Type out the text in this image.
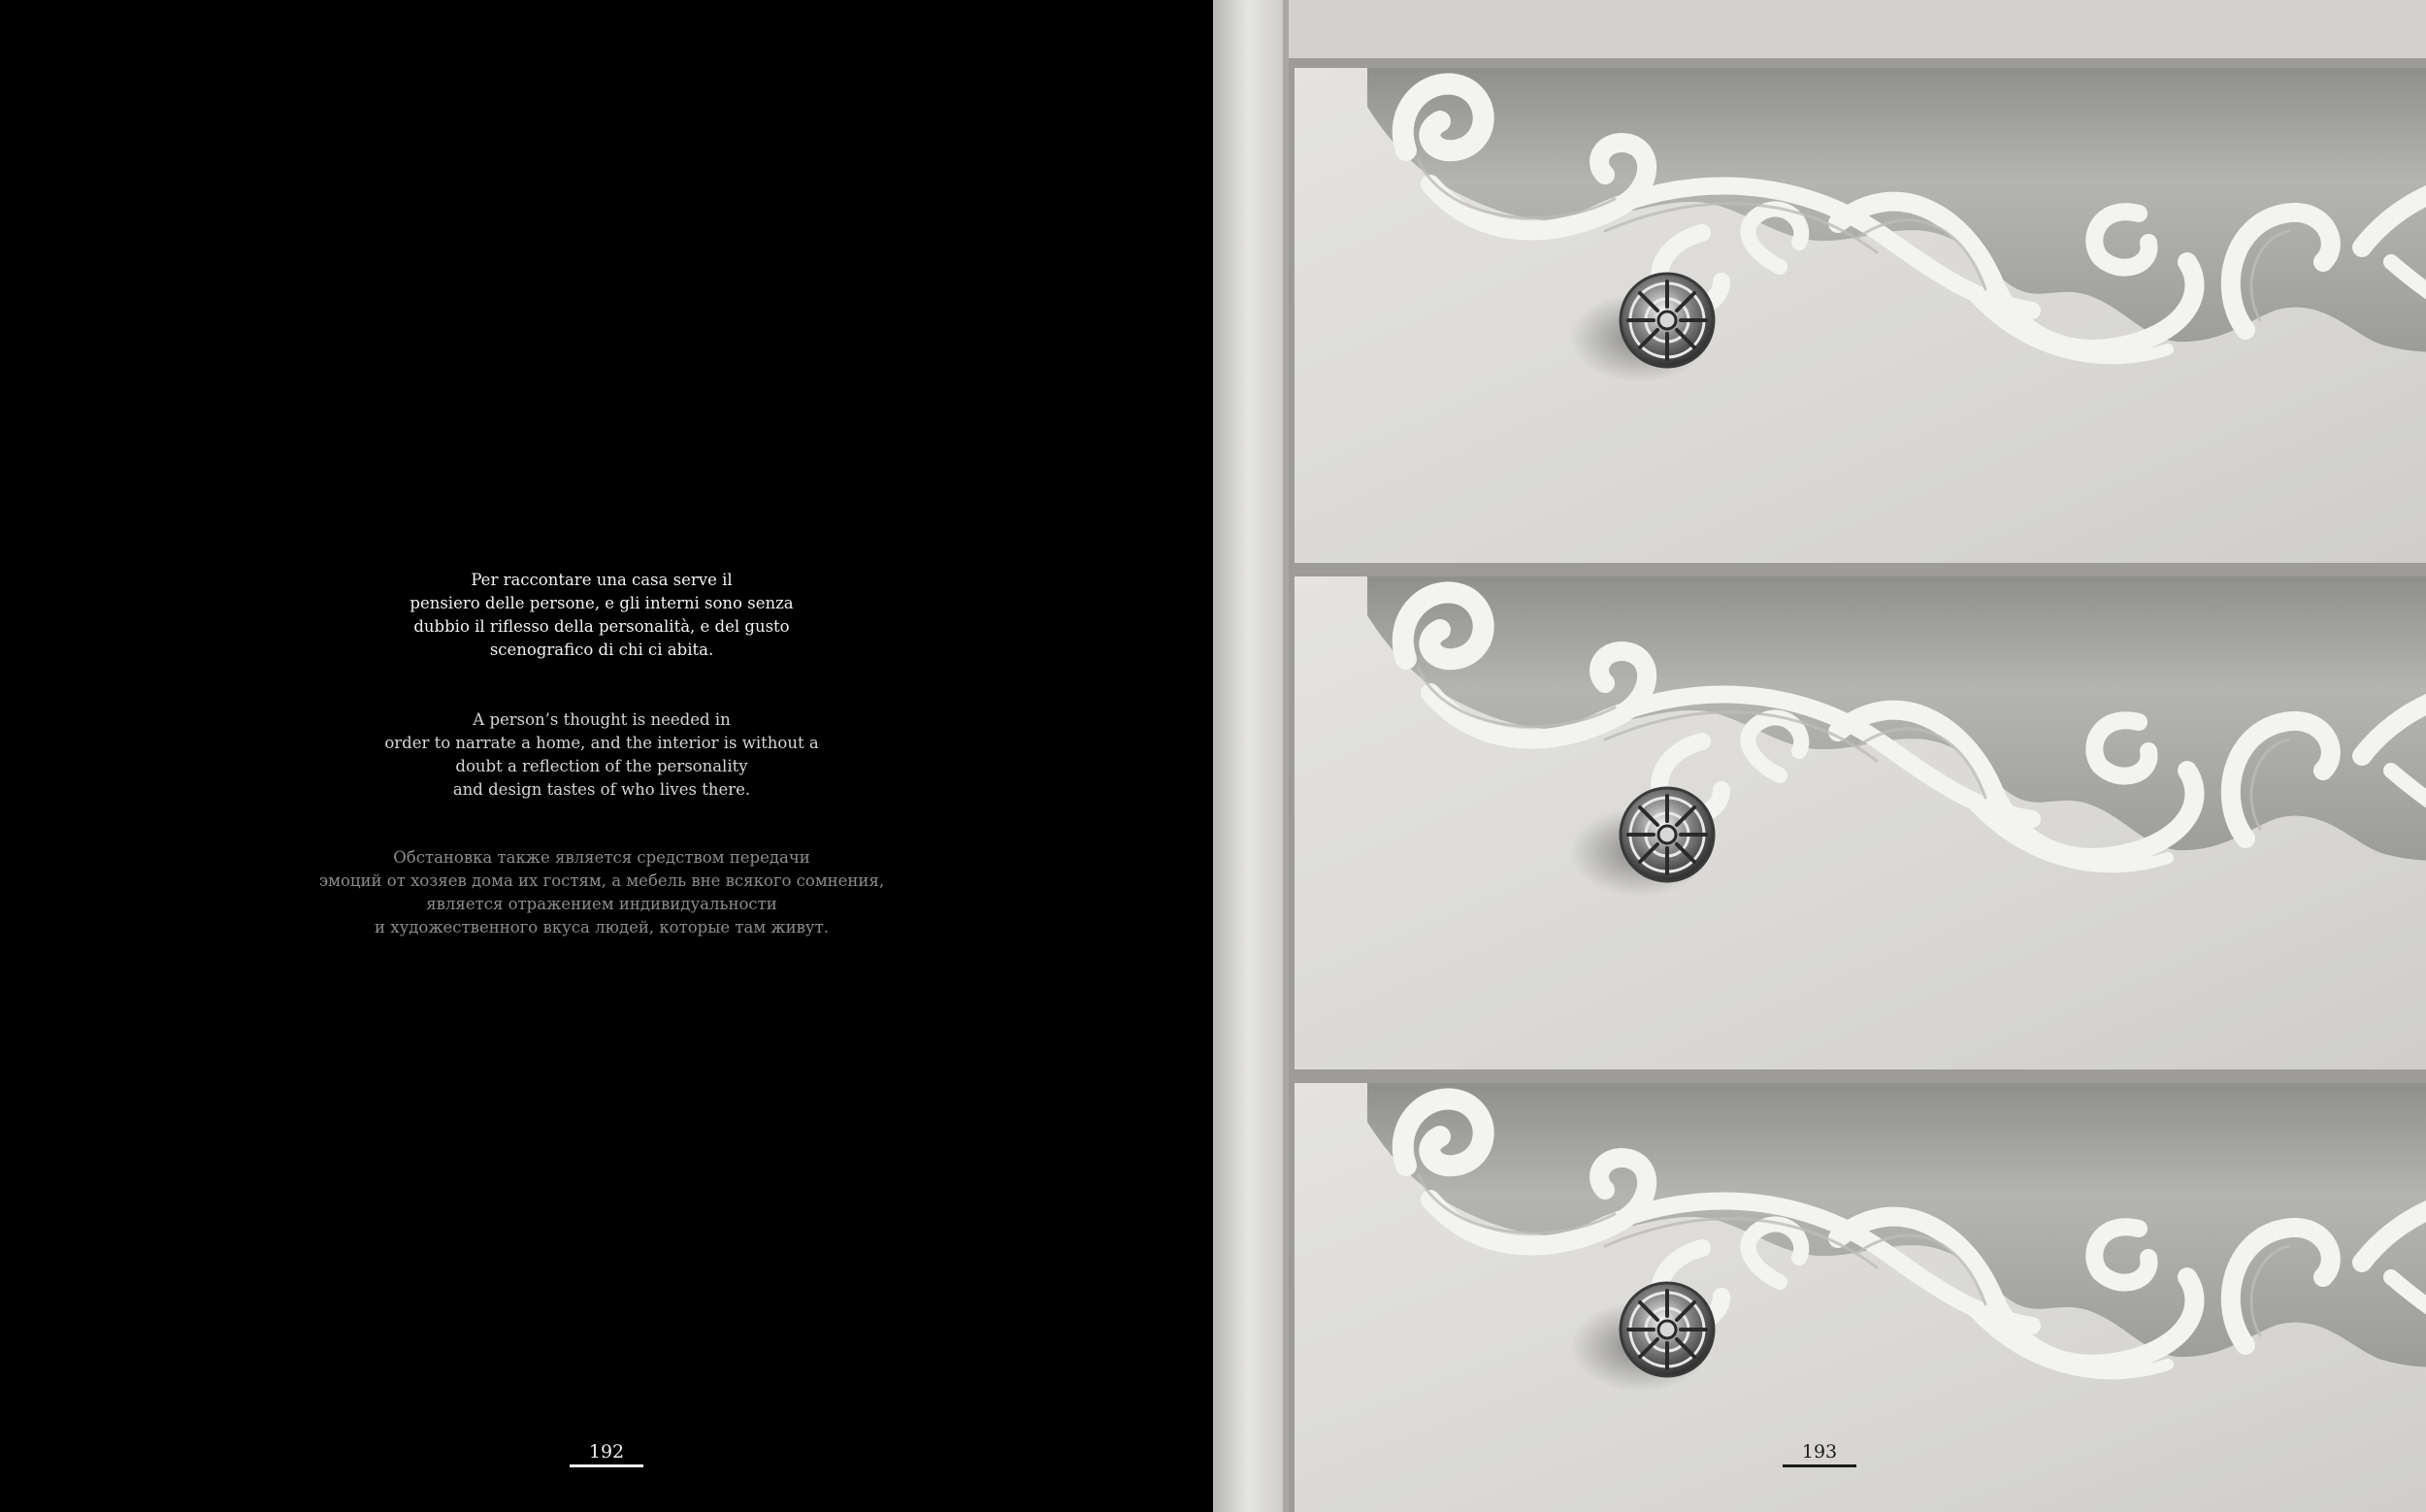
Per raccontare una casa serve il
pensiero delle persone, e gli interni sono senza
dubbio il riflesso della personalità, e del gusto
scenografico di chi ci abita.
A person’s thought is needed in
order to narrate a home, and the interior is without a
doubt a reflection of the personality
and design tastes of who lives there.
Обстановка также является средством передачи
эмоций от хозяев дома их гостям, а мебель вне всякого сомнения,
является отражением индивидуальности
и художественного вкуса людей, которые там живут.
192	193
